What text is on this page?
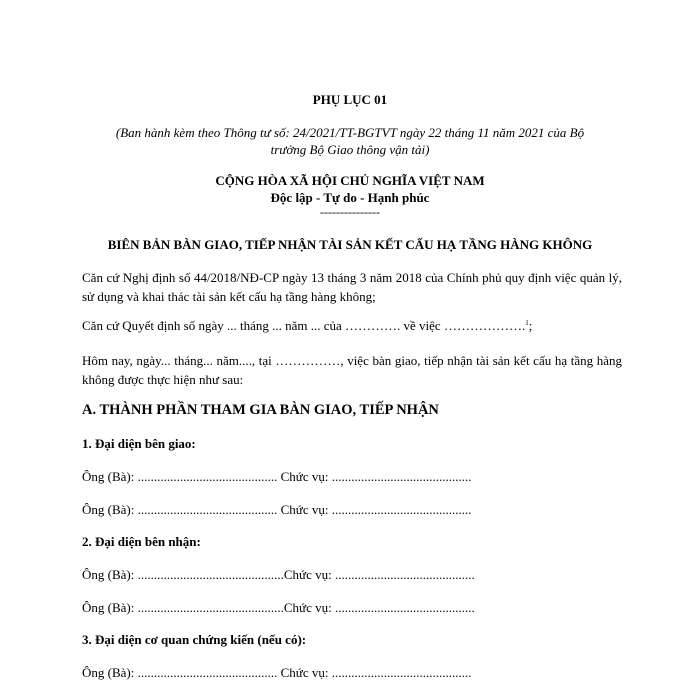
PHỤ LỤC 01
(Ban hành kèm theo Thông tư số: 24/2021/TT-BGTVT ngày 22 tháng 11 năm 2021 của Bộ
trưởng Bộ Giao thông vận tải)
CỘNG HÒA XÃ HỘI CHỦ NGHĨA VIỆT NAM
Độc lập - Tự do - Hạnh phúc
---------------
BIÊN BẢN BÀN GIAO, TIẾP NHẬN TÀI SẢN KẾT CẤU HẠ TẦNG HÀNG KHÔNG
Căn cứ Nghị định số 44/2018/NĐ-CP ngày 13 tháng 3 năm 2018 của Chính phủ quy định việc quản lý, sử dụng và khai thác tài sản kết cấu hạ tầng hàng không;
Căn cứ Quyết định số ngày ... tháng ... năm ... của …………. về việc ……………….$^1$;
Hôm nay, ngày... tháng... năm...., tại ……………, việc bàn giao, tiếp nhận tài sản kết cấu hạ tầng hàng không được thực hiện như sau:
A. THÀNH PHẦN THAM GIA BÀN GIAO, TIẾP NHẬN
1. Đại diện bên giao:
Ông (Bà): ........................................... Chức vụ: ...........................................
Ông (Bà): ........................................... Chức vụ: ...........................................
2. Đại diện bên nhận:
Ông (Bà): .............................................Chức vụ: ...........................................
Ông (Bà): .............................................Chức vụ: ...........................................
3. Đại diện cơ quan chứng kiến (nếu có):
Ông (Bà): ........................................... Chức vụ: ...........................................
